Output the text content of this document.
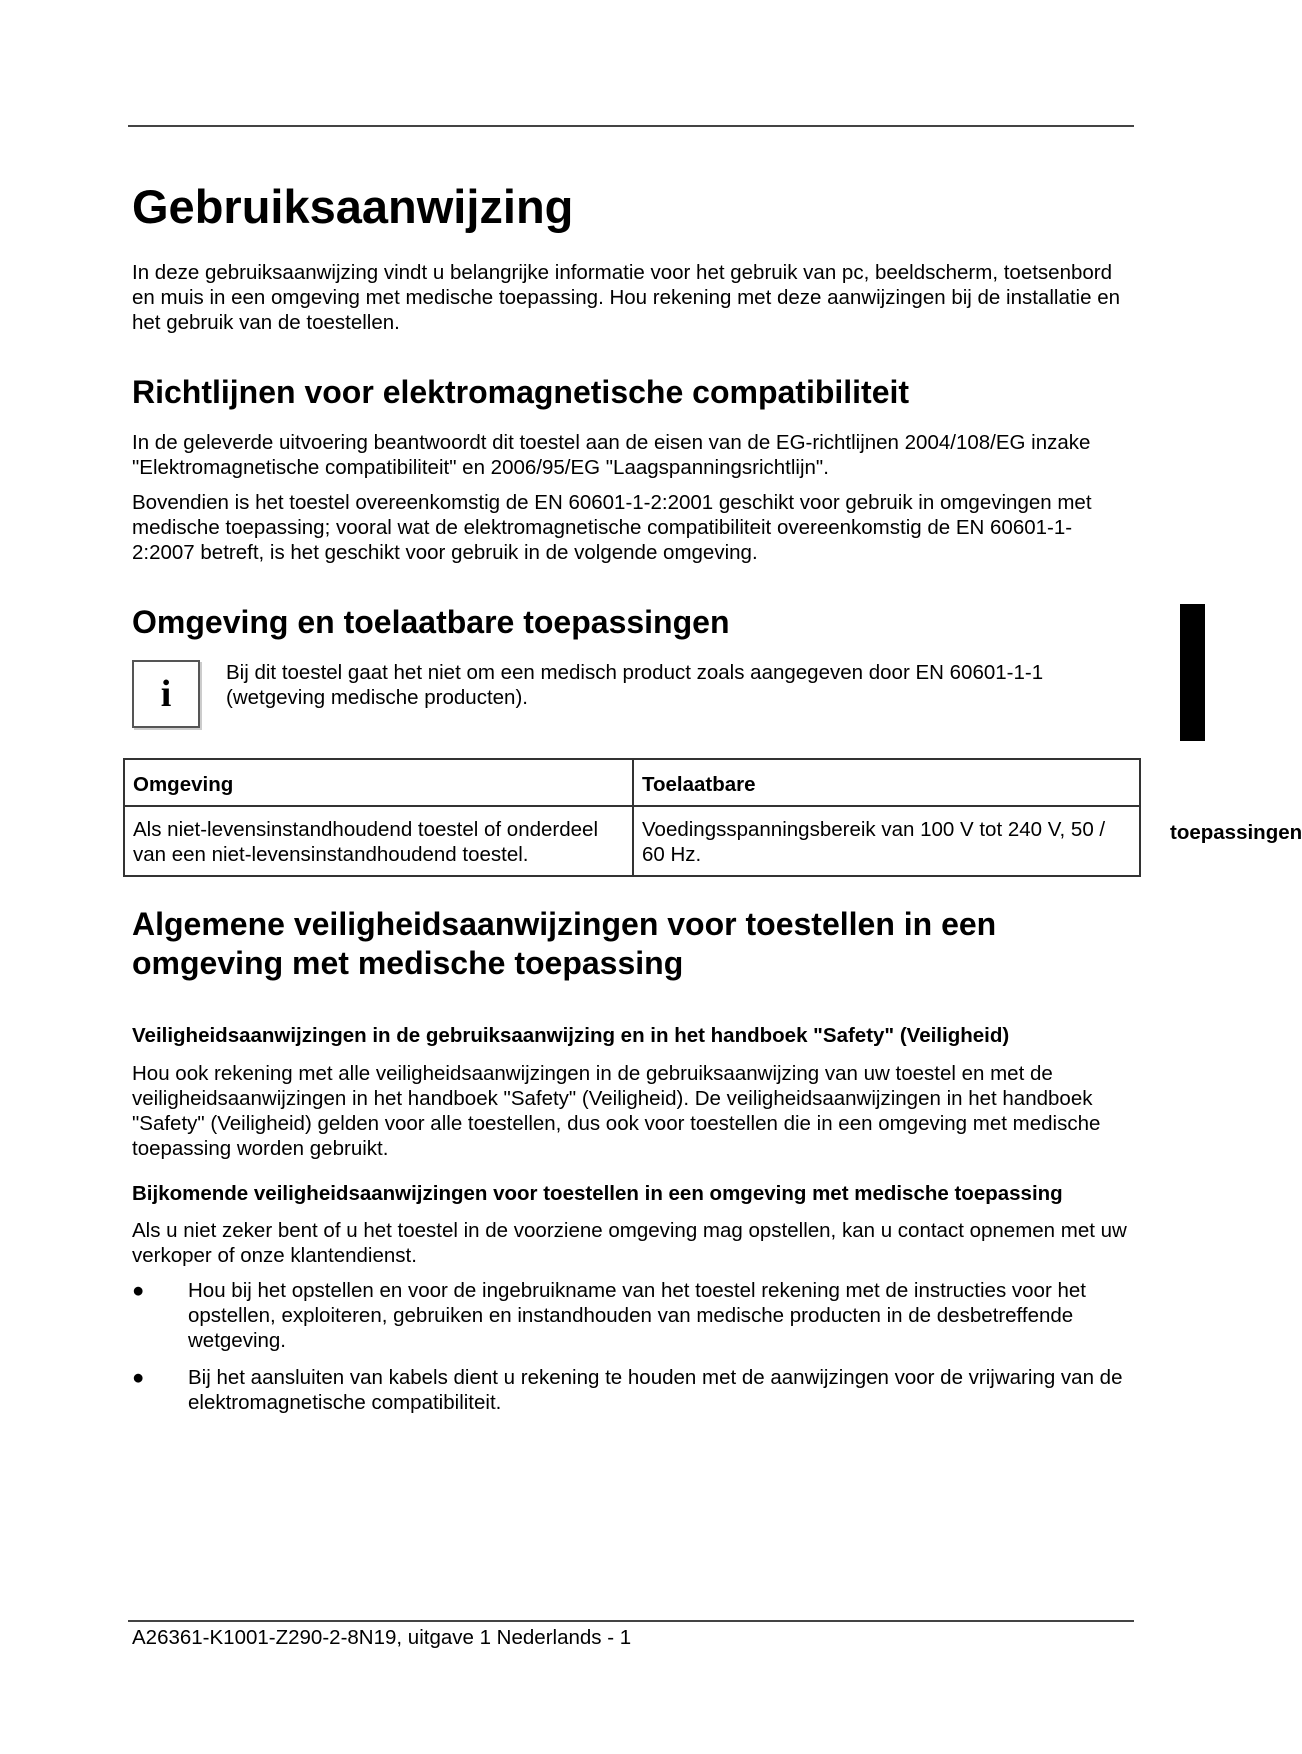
toepassingen
Gebruiksaanwijzing

In deze gebruiksaanwijzing vindt u belangrijke informatie voor het gebruik van pc, beeldscherm, toetsenbord en muis in een omgeving met medische toepassing. Hou rekening met deze aanwijzingen bij de installatie en het gebruik van de toestellen.

Richtlijnen voor elektromagnetische compatibiliteit

In de geleverde uitvoering beantwoordt dit toestel aan de eisen van de EG-richtlijnen 2004/108/EG inzake "Elektromagnetische compatibiliteit" en 2006/95/EG "Laagspanningsrichtlijn".

Bovendien is het toestel overeenkomstig de EN 60601-1-2:2001 geschikt voor gebruik in omgevingen met medische toepassing; vooral wat de elektromagnetische compatibiliteit overeenkomstig de EN 60601-1-2:2007 betreft, is het geschikt voor gebruik in de volgende omgeving.

Omgeving en toelaatbare toepassingen
i

Bij dit toestel gaat het niet om een medisch product zoals aangegeven door EN 60601-1-1 (wetgeving medische producten).

Omgeving	Toelaatbare
Als niet-levensinstandhoudend toestel of onderdeel van een niet-levensinstandhoudend toestel.	Voedingsspanningsbereik van 100 V tot 240 V, 50 / 60 Hz.
Algemene veiligheidsaanwijzingen voor toestellen in een omgeving met medische toepassing
Veiligheidsaanwijzingen in de gebruiksaanwijzing en in het handboek "Safety" (Veiligheid)

Hou ook rekening met alle veiligheidsaanwijzingen in de gebruiksaanwijzing van uw toestel en met de veiligheidsaanwijzingen in het handboek "Safety" (Veiligheid). De veiligheidsaanwijzingen in het handboek "Safety" (Veiligheid) gelden voor alle toestellen, dus ook voor toestellen die in een omgeving met medische toepassing worden gebruikt.

Bijkomende veiligheidsaanwijzingen voor toestellen in een omgeving met medische toepassing

Als u niet zeker bent of u het toestel in de voorziene omgeving mag opstellen, kan u contact opnemen met uw verkoper of onze klantendienst.

● Hou bij het opstellen en voor de ingebruikname van het toestel rekening met de instructies voor het opstellen, exploiteren, gebruiken en instandhouden van medische producten in de desbetreffende wetgeving.
● Bij het aansluiten van kabels dient u rekening te houden met de aanwijzingen voor de vrijwaring van de elektromagnetische compatibiliteit.
A26361-K1001-Z290-2-8N19, uitgave 1 Nederlands - 1
